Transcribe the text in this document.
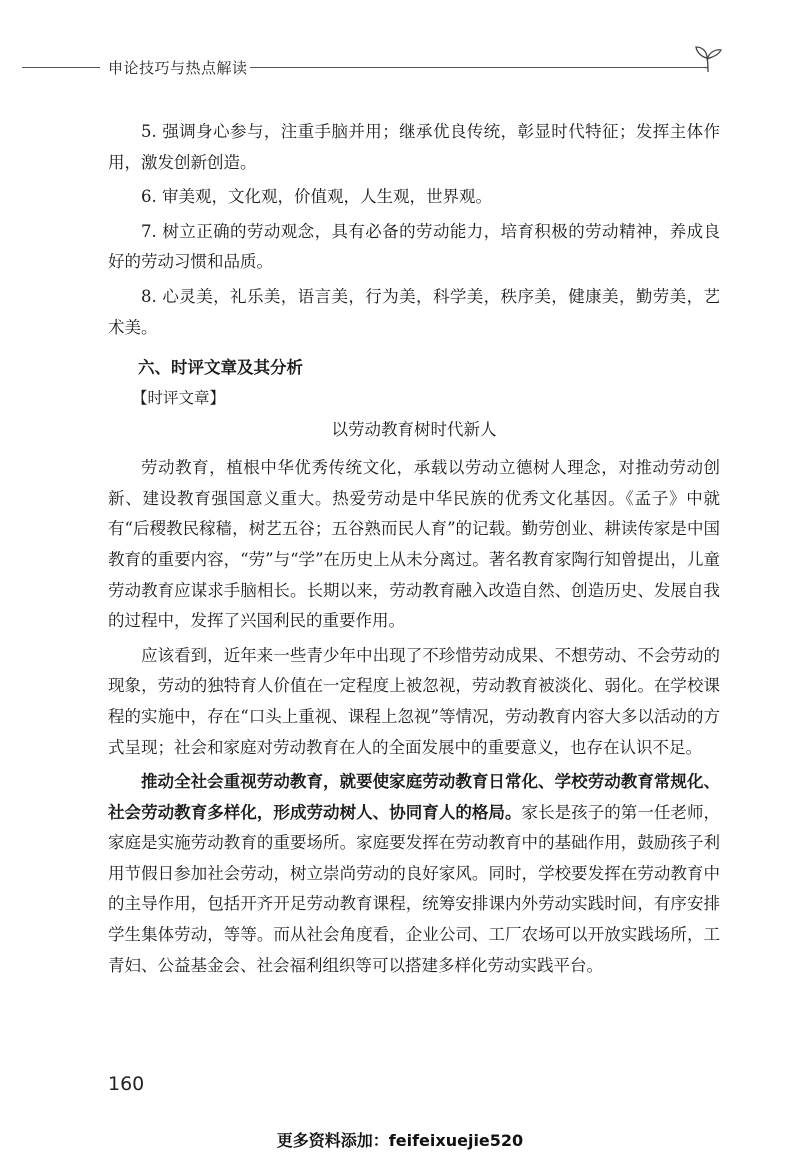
申论技巧与热点解读

5. 强调身心参与，注重手脑并用；继承优良传统，彰显时代特征；发挥主体作用，激发创新创造。

6. 审美观，文化观，价值观，人生观，世界观。

7. 树立正确的劳动观念，具有必备的劳动能力，培育积极的劳动精神，养成良好的劳动习惯和品质。

8. 心灵美，礼乐美，语言美，行为美，科学美，秩序美，健康美，勤劳美，艺术美。

六、时评文章及其分析
【时评文章】
以劳动教育树时代新人

劳动教育，植根中华优秀传统文化，承载以劳动立德树人理念，对推动劳动创新、建设教育强国意义重大。热爱劳动是中华民族的优秀文化基因。《孟子》中就有“后稷教民稼穑，树艺五谷；五谷熟而民人育”的记载。勤劳创业、耕读传家是中国教育的重要内容，“劳”与“学”在历史上从未分离过。著名教育家陶行知曾提出，儿童劳动教育应谋求手脑相长。长期以来，劳动教育融入改造自然、创造历史、发展自我的过程中，发挥了兴国利民的重要作用。

应该看到，近年来一些青少年中出现了不珍惜劳动成果、不想劳动、不会劳动的现象，劳动的独特育人价值在一定程度上被忽视，劳动教育被淡化、弱化。在学校课程的实施中，存在“口头上重视、课程上忽视”等情况，劳动教育内容大多以活动的方式呈现；社会和家庭对劳动教育在人的全面发展中的重要意义，也存在认识不足。

推动全社会重视劳动教育，就要使家庭劳动教育日常化、学校劳动教育常规化、社会劳动教育多样化，形成劳动树人、协同育人的格局。家长是孩子的第一任老师，家庭是实施劳动教育的重要场所。家庭要发挥在劳动教育中的基础作用，鼓励孩子利用节假日参加社会劳动，树立崇尚劳动的良好家风。同时，学校要发挥在劳动教育中的主导作用，包括开齐开足劳动教育课程，统筹安排课内外劳动实践时间，有序安排学生集体劳动，等等。而从社会角度看，企业公司、工厂农场可以开放实践场所，工青妇、公益基金会、社会福利组织等可以搭建多样化劳动实践平台。

160
更多资料添加：feifeixuejie520
